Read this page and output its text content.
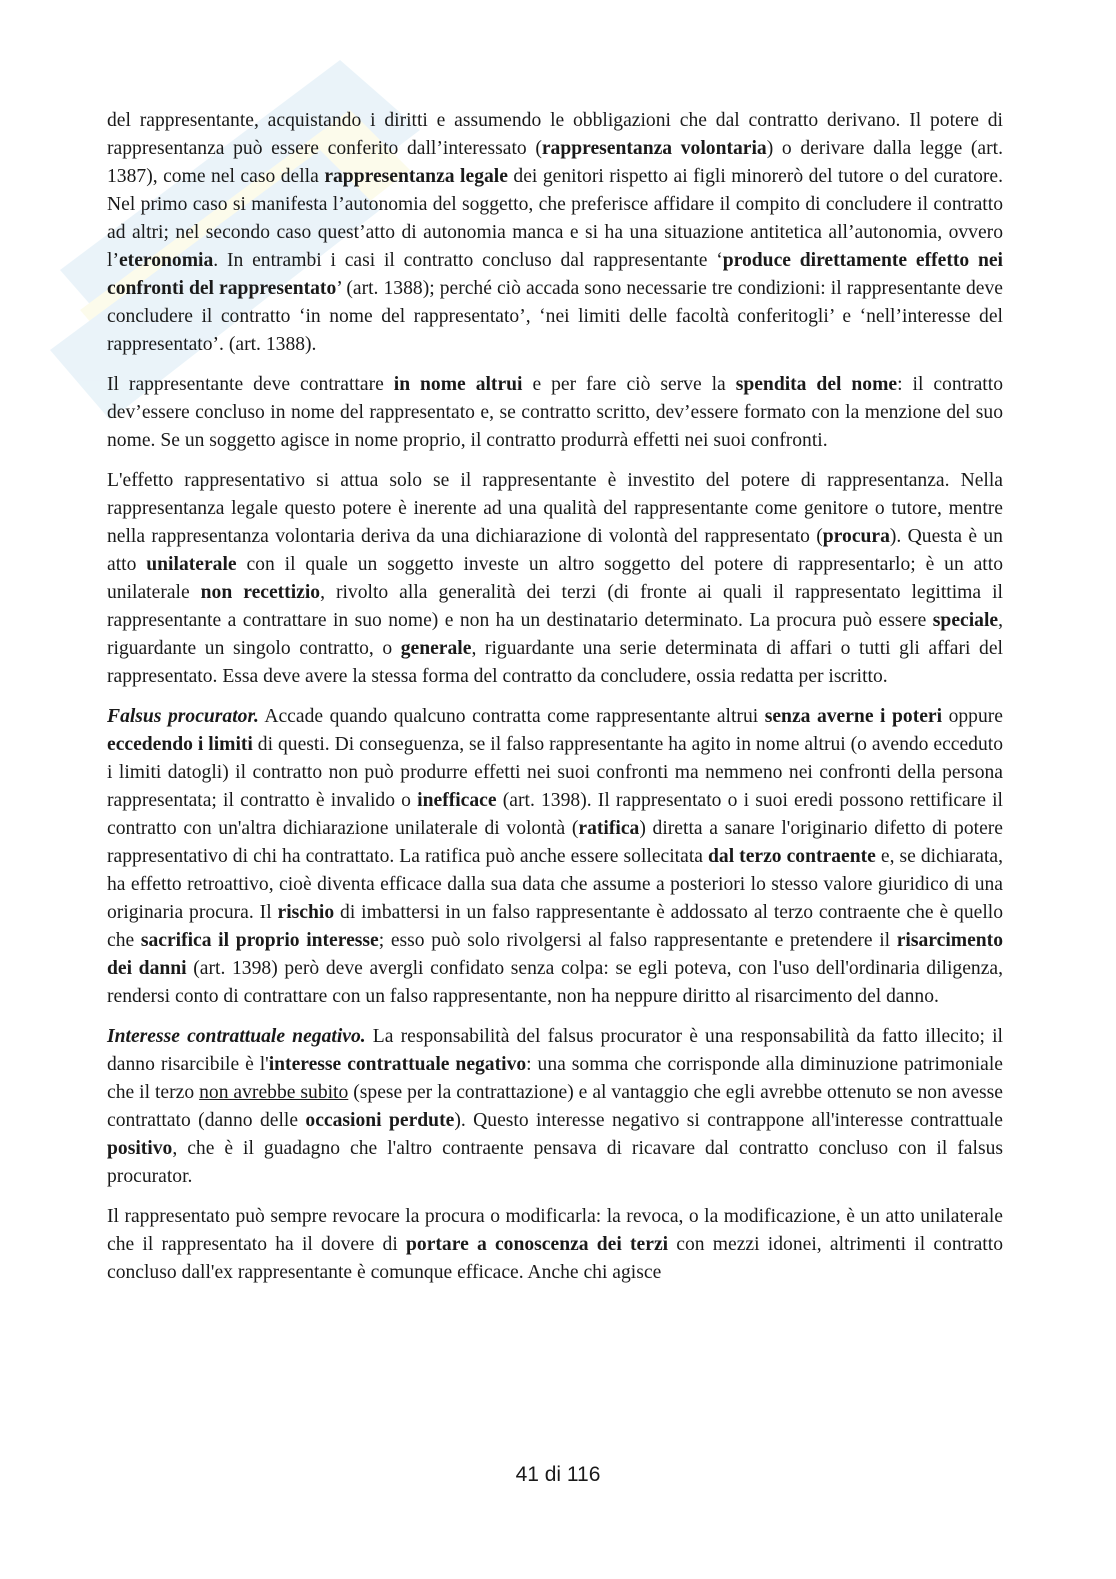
del rappresentante, acquistando i diritti e assumendo le obbligazioni che dal contratto derivano. Il potere di rappresentanza può essere conferito dall’interessato (rappresentanza volontaria) o derivare dalla legge (art. 1387), come nel caso della rappresentanza legale dei genitori rispetto ai figli minorerò del tutore o del curatore. Nel primo caso si manifesta l’autonomia del soggetto, che preferisce affidare il compito di concludere il contratto ad altri; nel secondo caso quest’atto di autonomia manca e si ha una situazione antitetica all’autonomia, ovvero l’eteronomia. In entrambi i casi il contratto concluso dal rappresentante ‘produce direttamente effetto nei confronti del rappresentato’ (art. 1388); perché ciò accada sono necessarie tre condizioni: il rappresentante deve concludere il contratto ‘in nome del rappresentato’, ‘nei limiti delle facoltà conferitogli’ e ‘nell’interesse del rappresentato’. (art. 1388).

Il rappresentante deve contrattare in nome altrui e per fare ciò serve la spendita del nome: il contratto dev’essere concluso in nome del rappresentato e, se contratto scritto, dev’essere formato con la menzione del suo nome. Se un soggetto agisce in nome proprio, il contratto produrrà effetti nei suoi confronti.

L'effetto rappresentativo si attua solo se il rappresentante è investito del potere di rappresentanza. Nella rappresentanza legale questo potere è inerente ad una qualità del rappresentante come genitore o tutore, mentre nella rappresentanza volontaria deriva da una dichiarazione di volontà del rappresentato (procura). Questa è un atto unilaterale con il quale un soggetto investe un altro soggetto del potere di rappresentarlo; è un atto unilaterale non recettizio, rivolto alla generalità dei terzi (di fronte ai quali il rappresentato legittima il rappresentante a contrattare in suo nome) e non ha un destinatario determinato. La procura può essere speciale, riguardante un singolo contratto, o generale, riguardante una serie determinata di affari o tutti gli affari del rappresentato. Essa deve avere la stessa forma del contratto da concludere, ossia redatta per iscritto.

Falsus procurator. Accade quando qualcuno contratta come rappresentante altrui senza averne i poteri oppure eccedendo i limiti di questi. Di conseguenza, se il falso rappresentante ha agito in nome altrui (o avendo ecceduto i limiti datogli) il contratto non può produrre effetti nei suoi confronti ma nemmeno nei confronti della persona rappresentata; il contratto è invalido o inefficace (art. 1398). Il rappresentato o i suoi eredi possono rettificare il contratto con un'altra dichiarazione unilaterale di volontà (ratifica) diretta a sanare l'originario difetto di potere rappresentativo di chi ha contrattato. La ratifica può anche essere sollecitata dal terzo contraente e, se dichiarata, ha effetto retroattivo, cioè diventa efficace dalla sua data che assume a posteriori lo stesso valore giuridico di una originaria procura. Il rischio di imbattersi in un falso rappresentante è addossato al terzo contraente che è quello che sacrifica il proprio interesse; esso può solo rivolgersi al falso rappresentante e pretendere il risarcimento dei danni (art. 1398) però deve avergli confidato senza colpa: se egli poteva, con l'uso dell'ordinaria diligenza, rendersi conto di contrattare con un falso rappresentante, non ha neppure diritto al risarcimento del danno.

Interesse contrattuale negativo. La responsabilità del falsus procurator è una responsabilità da fatto illecito; il danno risarcibile è l'interesse contrattuale negativo: una somma che corrisponde alla diminuzione patrimoniale che il terzo non avrebbe subito (spese per la contrattazione) e al vantaggio che egli avrebbe ottenuto se non avesse contrattato (danno delle occasioni perdute). Questo interesse negativo si contrappone all'interesse contrattuale positivo, che è il guadagno che l'altro contraente pensava di ricavare dal contratto concluso con il falsus procurator.

Il rappresentato può sempre revocare la procura o modificarla: la revoca, o la modificazione, è un atto unilaterale che il rappresentato ha il dovere di portare a conoscenza dei terzi con mezzi idonei, altrimenti il contratto concluso dall'ex rappresentante è comunque efficace. Anche chi agisce

41 di 116
